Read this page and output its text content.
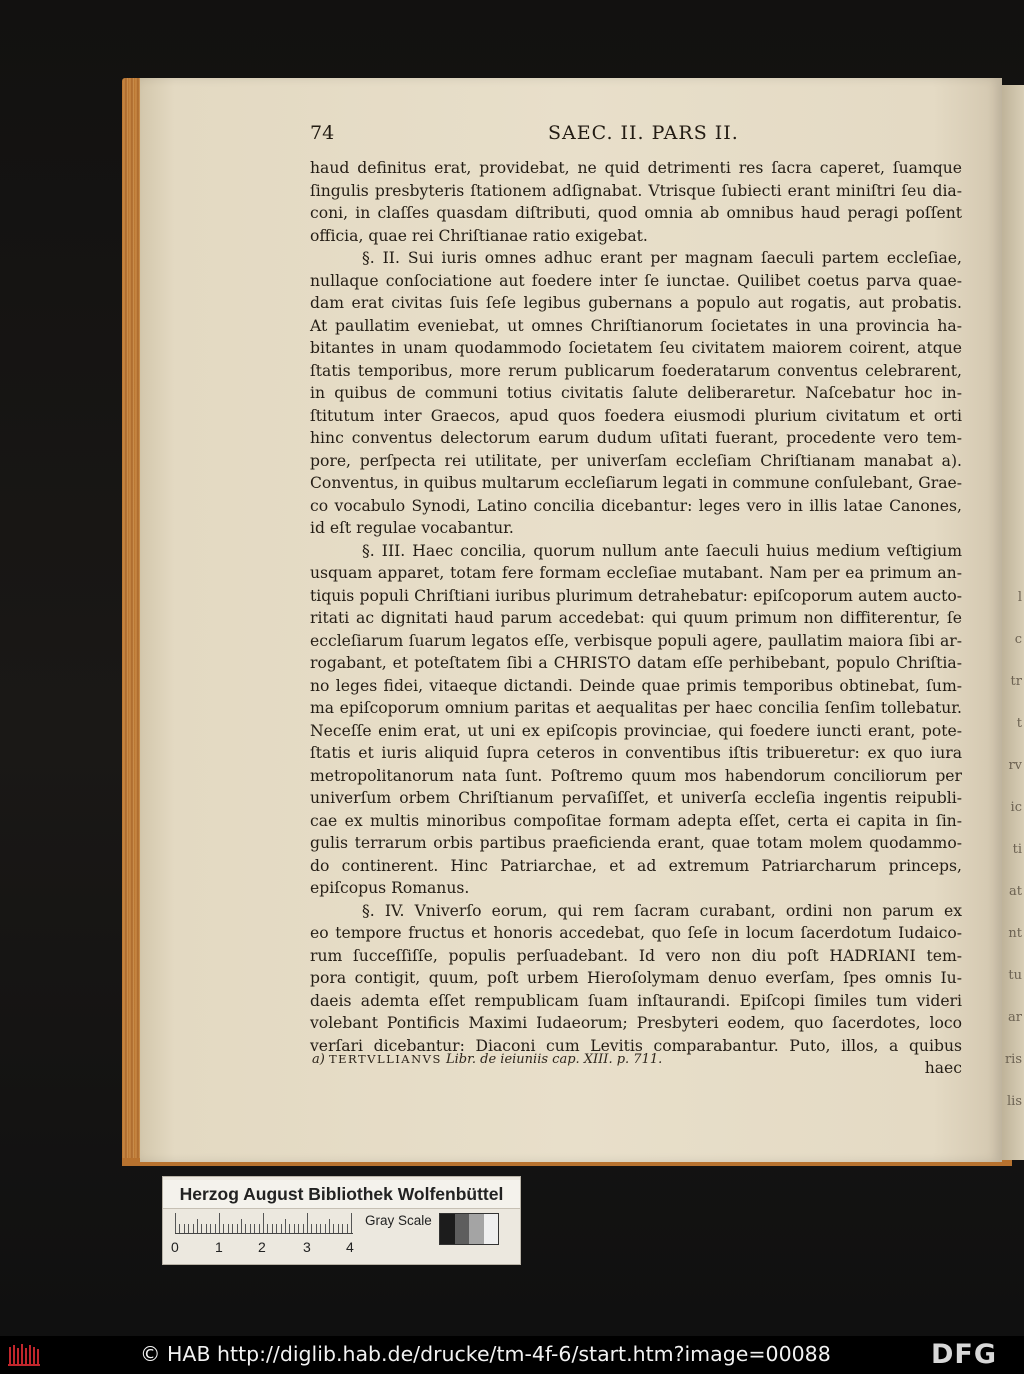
l
c
tr
t
rv
ic
ti
at
nt
tu
ar
ris
lis
74	SAEC. II. PARS II.
haud definitus erat, providebat, ne quid detrimenti res ſacra caperet, ſuamque
ſingulis presbyteris ſtationem adſignabat. Vtrisque ſubiecti erant miniſtri ſeu dia-
coni, in claſſes quasdam diſtributi, quod omnia ab omnibus haud peragi poſſent
officia, quae rei Chriſtianae ratio exigebat.
§. II. Sui iuris omnes adhuc erant per magnam ſaeculi partem eccleſiae,
nullaque conſociatione aut foedere inter ſe iunctae. Quilibet coetus parva quae-
dam erat civitas ſuis ſeſe legibus gubernans a populo aut rogatis, aut probatis.
At paullatim eveniebat, ut omnes Chriſtianorum ſocietates in una provincia ha-
bitantes in unam quodammodo ſocietatem ſeu civitatem maiorem coirent, atque
ſtatis temporibus, more rerum publicarum foederatarum conventus celebrarent,
in quibus de communi totius civitatis ſalute deliberaretur. Naſcebatur hoc in-
ſtitutum inter Graecos, apud quos foedera eiusmodi plurium civitatum et orti
hinc conventus delectorum earum dudum uſitati fuerant, procedente vero tem-
pore, perſpecta rei utilitate, per univerſam eccleſiam Chriſtianam manabat a).
Conventus, in quibus multarum eccleſiarum legati in commune conſulebant, Grae-
co vocabulo Synodi, Latino concilia dicebantur: leges vero in illis latae Canones,
id eſt regulae vocabantur.
§. III. Haec concilia, quorum nullum ante ſaeculi huius medium veſtigium
usquam apparet, totam fere formam eccleſiae mutabant. Nam per ea primum an-
tiquis populi Chriſtiani iuribus plurimum detrahebatur: epiſcoporum autem aucto-
ritati ac dignitati haud parum accedebat: qui quum primum non diffiterentur, ſe
eccleſiarum ſuarum legatos eſſe, verbisque populi agere, paullatim maiora ſibi ar-
rogabant, et poteſtatem ſibi a CHRISTO datam eſſe perhibebant, populo Chriſtia-
no leges fidei, vitaeque dictandi. Deinde quae primis temporibus obtinebat, ſum-
ma epiſcoporum omnium paritas et aequalitas per haec concilia ſenſim tollebatur.
Neceſſe enim erat, ut uni ex epiſcopis provinciae, qui foedere iuncti erant, pote-
ſtatis et iuris aliquid ſupra ceteros in conventibus iſtis tribueretur: ex quo iura
metropolitanorum nata ſunt. Poſtremo quum mos habendorum conciliorum per
univerſum orbem Chriſtianum pervaſiſſet, et univerſa eccleſia ingentis reipubli-
cae ex multis minoribus compoſitae formam adepta eſſet, certa ei capita in ſin-
gulis terrarum orbis partibus praeficienda erant, quae totam molem quodammo-
do continerent. Hinc Patriarchae, et ad extremum Patriarcharum princeps,
epiſcopus Romanus.
§. IV. Vniverſo eorum, qui rem ſacram curabant, ordini non parum ex
eo tempore fructus et honoris accedebat, quo ſeſe in locum ſacerdotum Iudaico-
rum ſucceſſiſſe, populis perſuadebant. Id vero non diu poſt HADRIANI tem-
pora contigit, quum, poſt urbem Hieroſolymam denuo everſam, ſpes omnis Iu-
daeis ademta eſſet rempublicam ſuam inſtaurandi. Epiſcopi ſimiles tum videri
volebant Pontificis Maximi Iudaeorum; Presbyteri eodem, quo ſacerdotes, loco
verſari dicebantur: Diaconi cum Levitis comparabantur. Puto, illos, a quibus
haec
a) TERTVLLIANVS Libr. de ieiuniis cap. XIII. p. 711.
Herzog August Bibliothek Wolfenbüttel
0	1	2	3	4
Gray Scale
© HAB http://diglib.hab.de/drucke/tm-4f-6/start.htm?image=00088	DFG
